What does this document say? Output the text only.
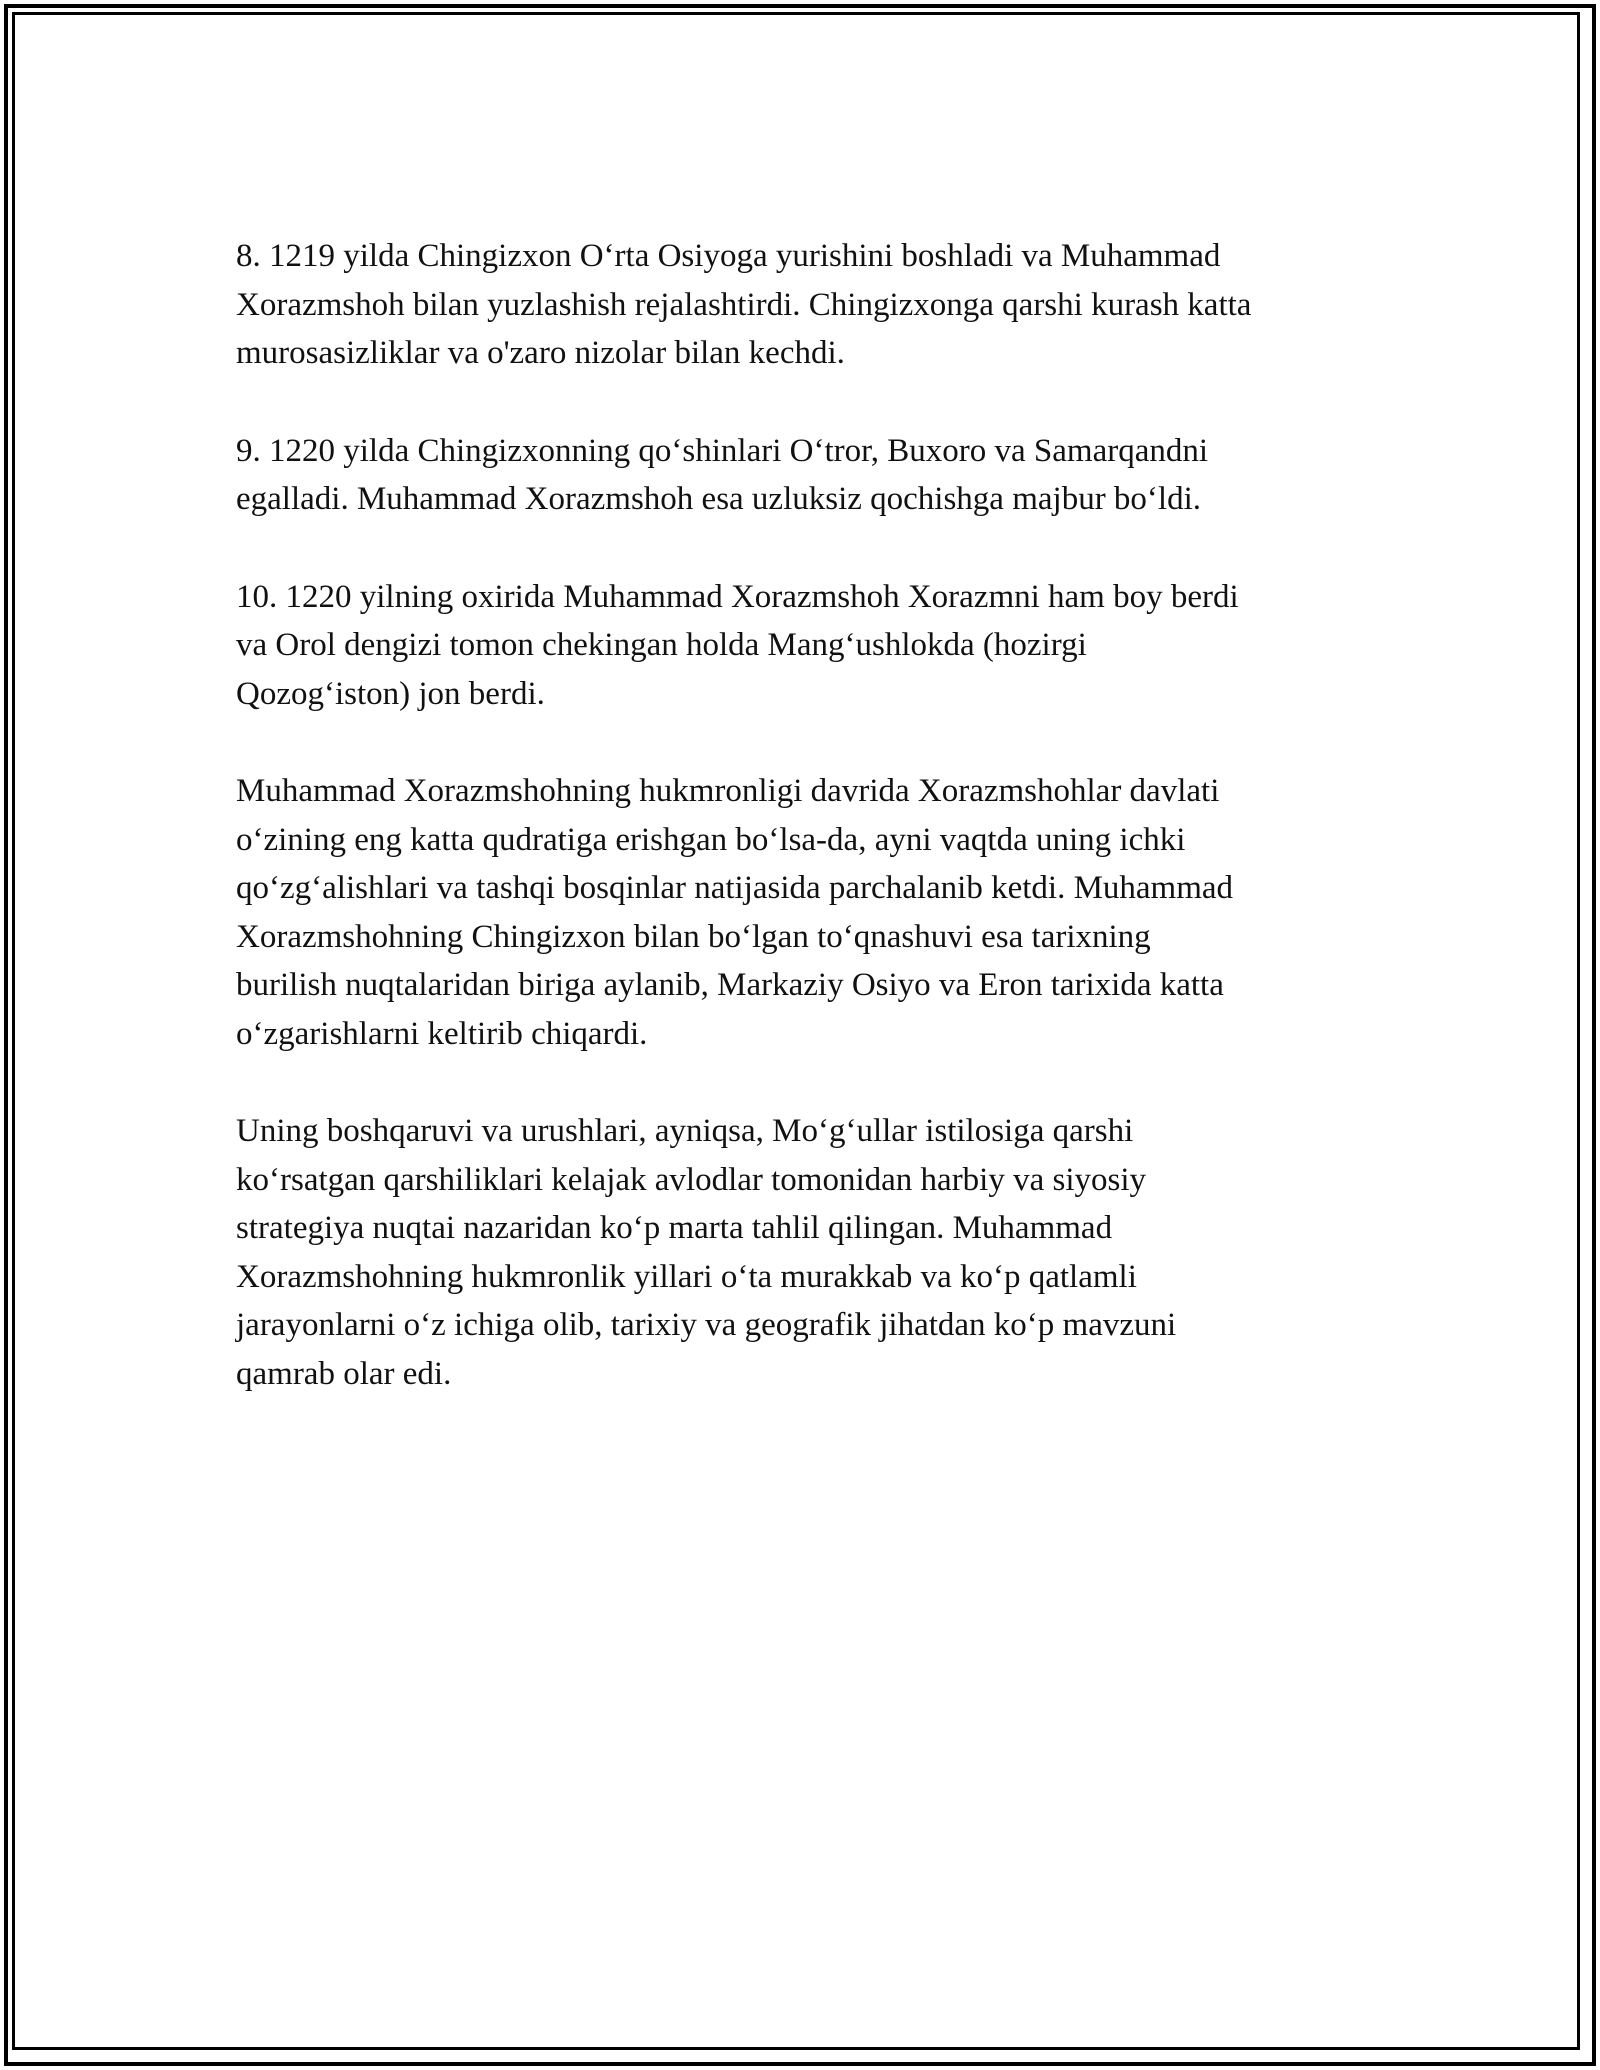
8. 1219 yilda Chingizxon O‘rta Osiyoga yurishini boshladi va Muhammad
Xorazmshoh bilan yuzlashish rejalashtirdi. Chingizxonga qarshi kurash katta
murosasizliklar va o'zaro nizolar bilan kechdi.

9. 1220 yilda Chingizxonning qo‘shinlari O‘tror, Buxoro va Samarqandni
egalladi. Muhammad Xorazmshoh esa uzluksiz qochishga majbur bo‘ldi.

10. 1220 yilning oxirida Muhammad Xorazmshoh Xorazmni ham boy berdi
va Orol dengizi tomon chekingan holda Mang‘ushlokda (hozirgi
Qozog‘iston) jon berdi.

Muhammad Xorazmshohning hukmronligi davrida Xorazmshohlar davlati
o‘zining eng katta qudratiga erishgan bo‘lsa-da, ayni vaqtda uning ichki
qo‘zg‘alishlari va tashqi bosqinlar natijasida parchalanib ketdi. Muhammad
Xorazmshohning Chingizxon bilan bo‘lgan to‘qnashuvi esa tarixning
burilish nuqtalaridan biriga aylanib, Markaziy Osiyo va Eron tarixida katta
o‘zgarishlarni keltirib chiqardi.

Uning boshqaruvi va urushlari, ayniqsa, Mo‘g‘ullar istilosiga qarshi
ko‘rsatgan qarshiliklari kelajak avlodlar tomonidan harbiy va siyosiy
strategiya nuqtai nazaridan ko‘p marta tahlil qilingan. Muhammad
Xorazmshohning hukmronlik yillari o‘ta murakkab va ko‘p qatlamli
jarayonlarni o‘z ichiga olib, tarixiy va geografik jihatdan ko‘p mavzuni
qamrab olar edi.
